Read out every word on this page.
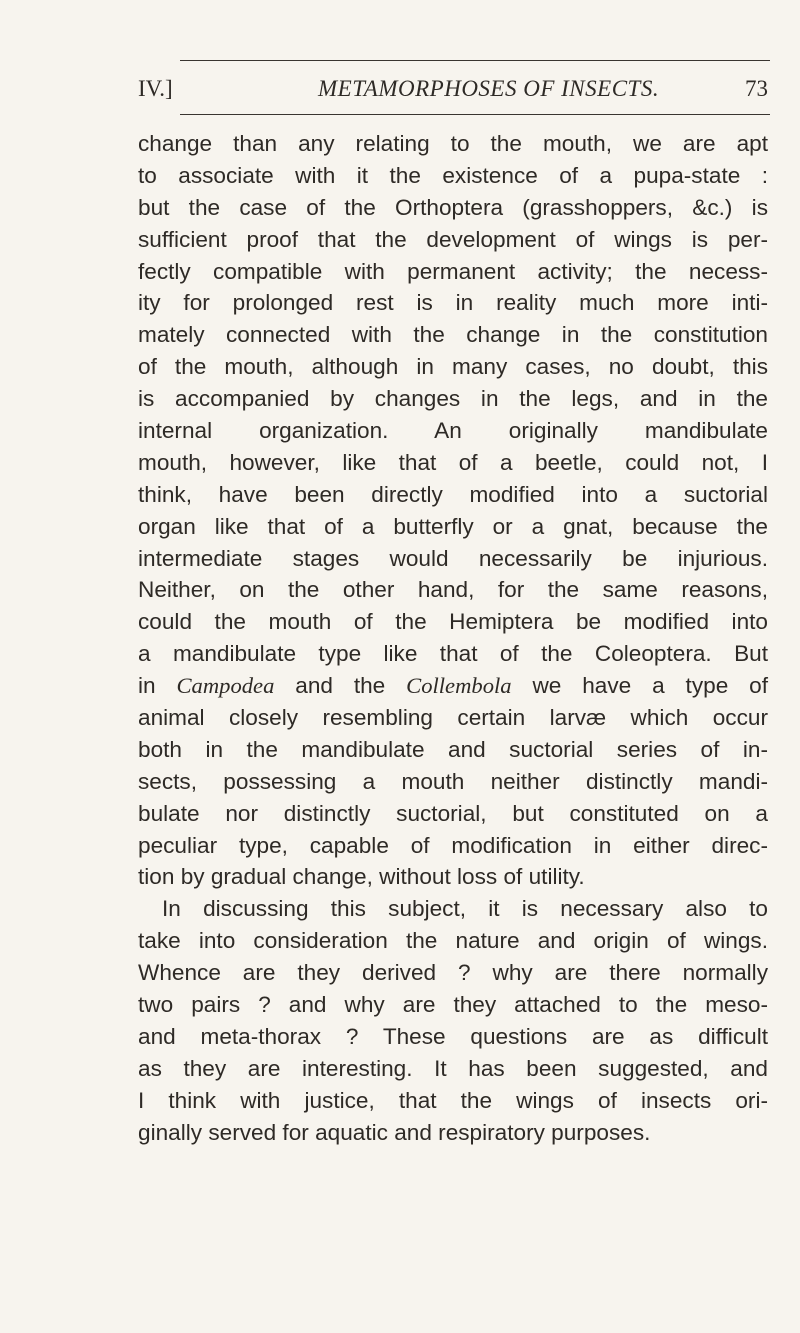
IV.]	METAMORPHOSES OF INSECTS.	73
change than any relating to the mouth, we are apt
to associate with it the existence of a pupa-state :
but the case of the Orthoptera (grasshoppers, &c.) is
sufficient proof that the development of wings is per-
fectly compatible with permanent activity; the necess-
ity for prolonged rest is in reality much more inti-
mately connected with the change in the constitution
of the mouth, although in many cases, no doubt, this
is accompanied by changes in the legs, and in the
internal organization. An originally mandibulate
mouth, however, like that of a beetle, could not, I
think, have been directly modified into a suctorial
organ like that of a butterfly or a gnat, because the
intermediate stages would necessarily be injurious.
Neither, on the other hand, for the same reasons,
could the mouth of the Hemiptera be modified into
a mandibulate type like that of the Coleoptera. But
in Campodea and the Collembola we have a type of
animal closely resembling certain larvæ which occur
both in the mandibulate and suctorial series of in-
sects, possessing a mouth neither distinctly mandi-
bulate nor distinctly suctorial, but constituted on a
peculiar type, capable of modification in either direc-
tion by gradual change, without loss of utility.
In discussing this subject, it is necessary also to
take into consideration the nature and origin of wings.
Whence are they derived ? why are there normally
two pairs ? and why are they attached to the meso-
and meta-thorax ? These questions are as difficult
as they are interesting. It has been suggested, and
I think with justice, that the wings of insects ori-
ginally served for aquatic and respiratory purposes.
